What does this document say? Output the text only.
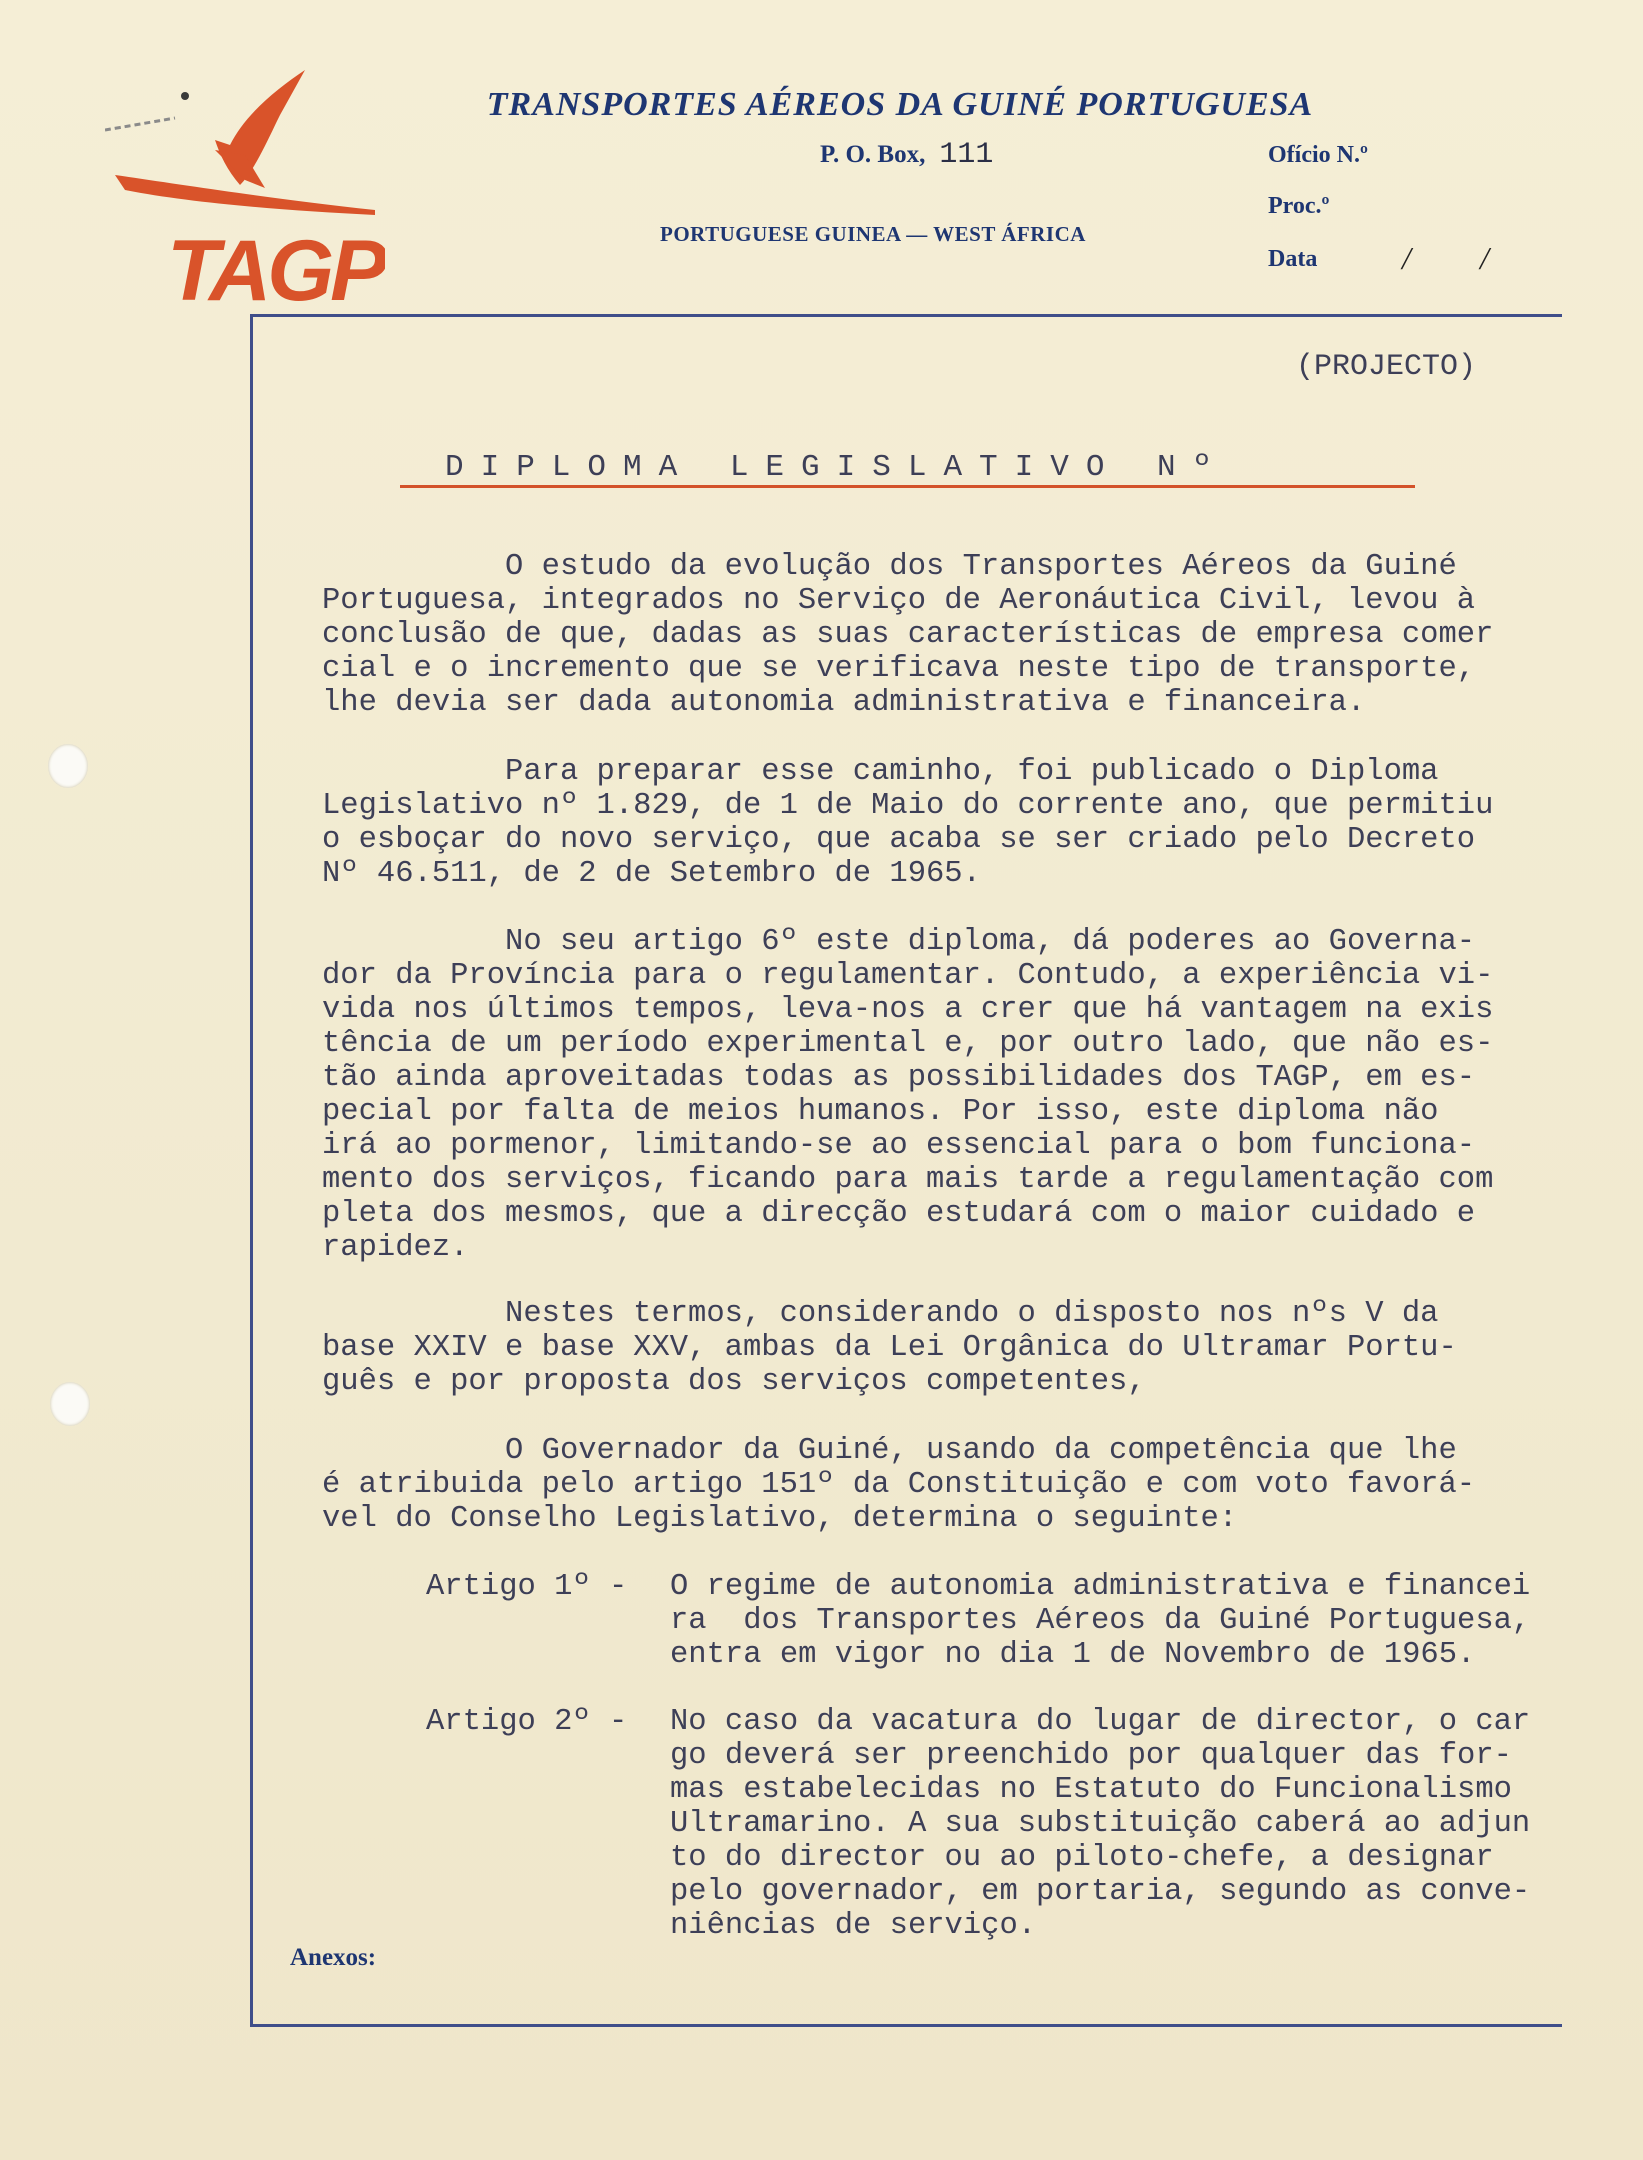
TAGP
TRANSPORTES AÉREOS DA GUINÉ PORTUGUESA
P. O. Box, 111
PORTUGUESE GUINEA — WEST ÁFRICA
Ofício N.º
Proc.º
Data	/ /
(PROJECTO)
DIPLOMA LEGISLATIVO Nº
O estudo da evolução dos Transportes Aéreos da Guiné
Portuguesa, integrados no Serviço de Aeronáutica Civil, levou à
conclusão de que, dadas as suas características de empresa comer
cial e o incremento que se verificava neste tipo de transporte,
lhe devia ser dada autonomia administrativa e financeira.
Para preparar esse caminho, foi publicado o Diploma
Legislativo nº 1.829, de 1 de Maio do corrente ano, que permitiu
o esboçar do novo serviço, que acaba se ser criado pelo Decreto
Nº 46.511, de 2 de Setembro de 1965.
No seu artigo 6º este diploma, dá poderes ao Governa-
dor da Província para o regulamentar. Contudo, a experiência vi-
vida nos últimos tempos, leva-nos a crer que há vantagem na exis
tência de um período experimental e, por outro lado, que não es-
tão ainda aproveitadas todas as possibilidades dos TAGP, em es-
pecial por falta de meios humanos. Por isso, este diploma não
irá ao pormenor, limitando-se ao essencial para o bom funciona-
mento dos serviços, ficando para mais tarde a regulamentação com
pleta dos mesmos, que a direcção estudará com o maior cuidado e
rapidez.
Nestes termos, considerando o disposto nos nºs V da
base XXIV e base XXV, ambas da Lei Orgânica do Ultramar Portu-
guês e por proposta dos serviços competentes,
O Governador da Guiné, usando da competência que lhe
é atribuida pelo artigo 151º da Constituição e com voto favorá-
vel do Conselho Legislativo, determina o seguinte:
Artigo 1º - O regime de autonomia administrativa e financei
ra  dos Transportes Aéreos da Guiné Portuguesa,
entra em vigor no dia 1 de Novembro de 1965.
Artigo 2º - No caso da vacatura do lugar de director, o car
go deverá ser preenchido por qualquer das for-
mas estabelecidas no Estatuto do Funcionalismo
Ultramarino. A sua substituição caberá ao adjun
to do director ou ao piloto-chefe, a designar
pelo governador, em portaria, segundo as conve-
niências de serviço.
Anexos:
